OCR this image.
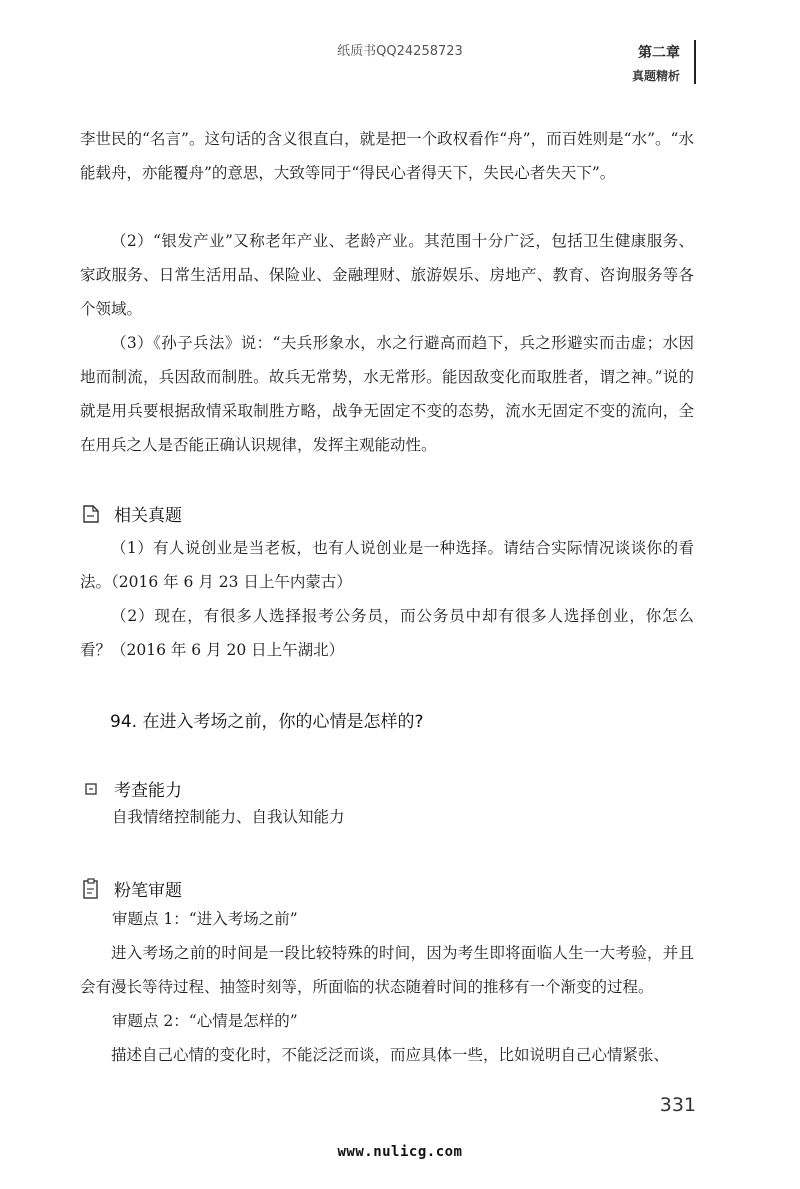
纸质书QQ24258723	第二章
真题精析

李世民的“名言”。这句话的含义很直白，就是把一个政权看作“舟”，而百姓则是“水”。“水能载舟，亦能覆舟”的意思，大致等同于“得民心者得天下，失民心者失天下”。

（2）“银发产业”又称老年产业、老龄产业。其范围十分广泛，包括卫生健康服务、家政服务、日常生活用品、保险业、金融理财、旅游娱乐、房地产、教育、咨询服务等各个领域。

（3）《孙子兵法》说：“夫兵形象水，水之行避高而趋下，兵之形避实而击虚；水因地而制流，兵因敌而制胜。故兵无常势，水无常形。能因敌变化而取胜者，谓之神。”说的就是用兵要根据敌情采取制胜方略，战争无固定不变的态势，流水无固定不变的流向，全在用兵之人是否能正确认识规律，发挥主观能动性。

相关真题

（1）有人说创业是当老板，也有人说创业是一种选择。请结合实际情况谈谈你的看法。（2016 年 6 月 23 日上午内蒙古）

（2）现在，有很多人选择报考公务员，而公务员中却有很多人选择创业，你怎么看？（2016 年 6 月 20 日上午湖北）

94. 在进入考场之前，你的心情是怎样的?
考查能力

自我情绪控制能力、自我认知能力

粉笔审题

审题点 1：“进入考场之前”

进入考场之前的时间是一段比较特殊的时间，因为考生即将面临人生一大考验，并且会有漫长等待过程、抽签时刻等，所面临的状态随着时间的推移有一个渐变的过程。

审题点 2：“心情是怎样的”

描述自己心情的变化时，不能泛泛而谈，而应具体一些，比如说明自己心情紧张、

331
www.nulicg.com
